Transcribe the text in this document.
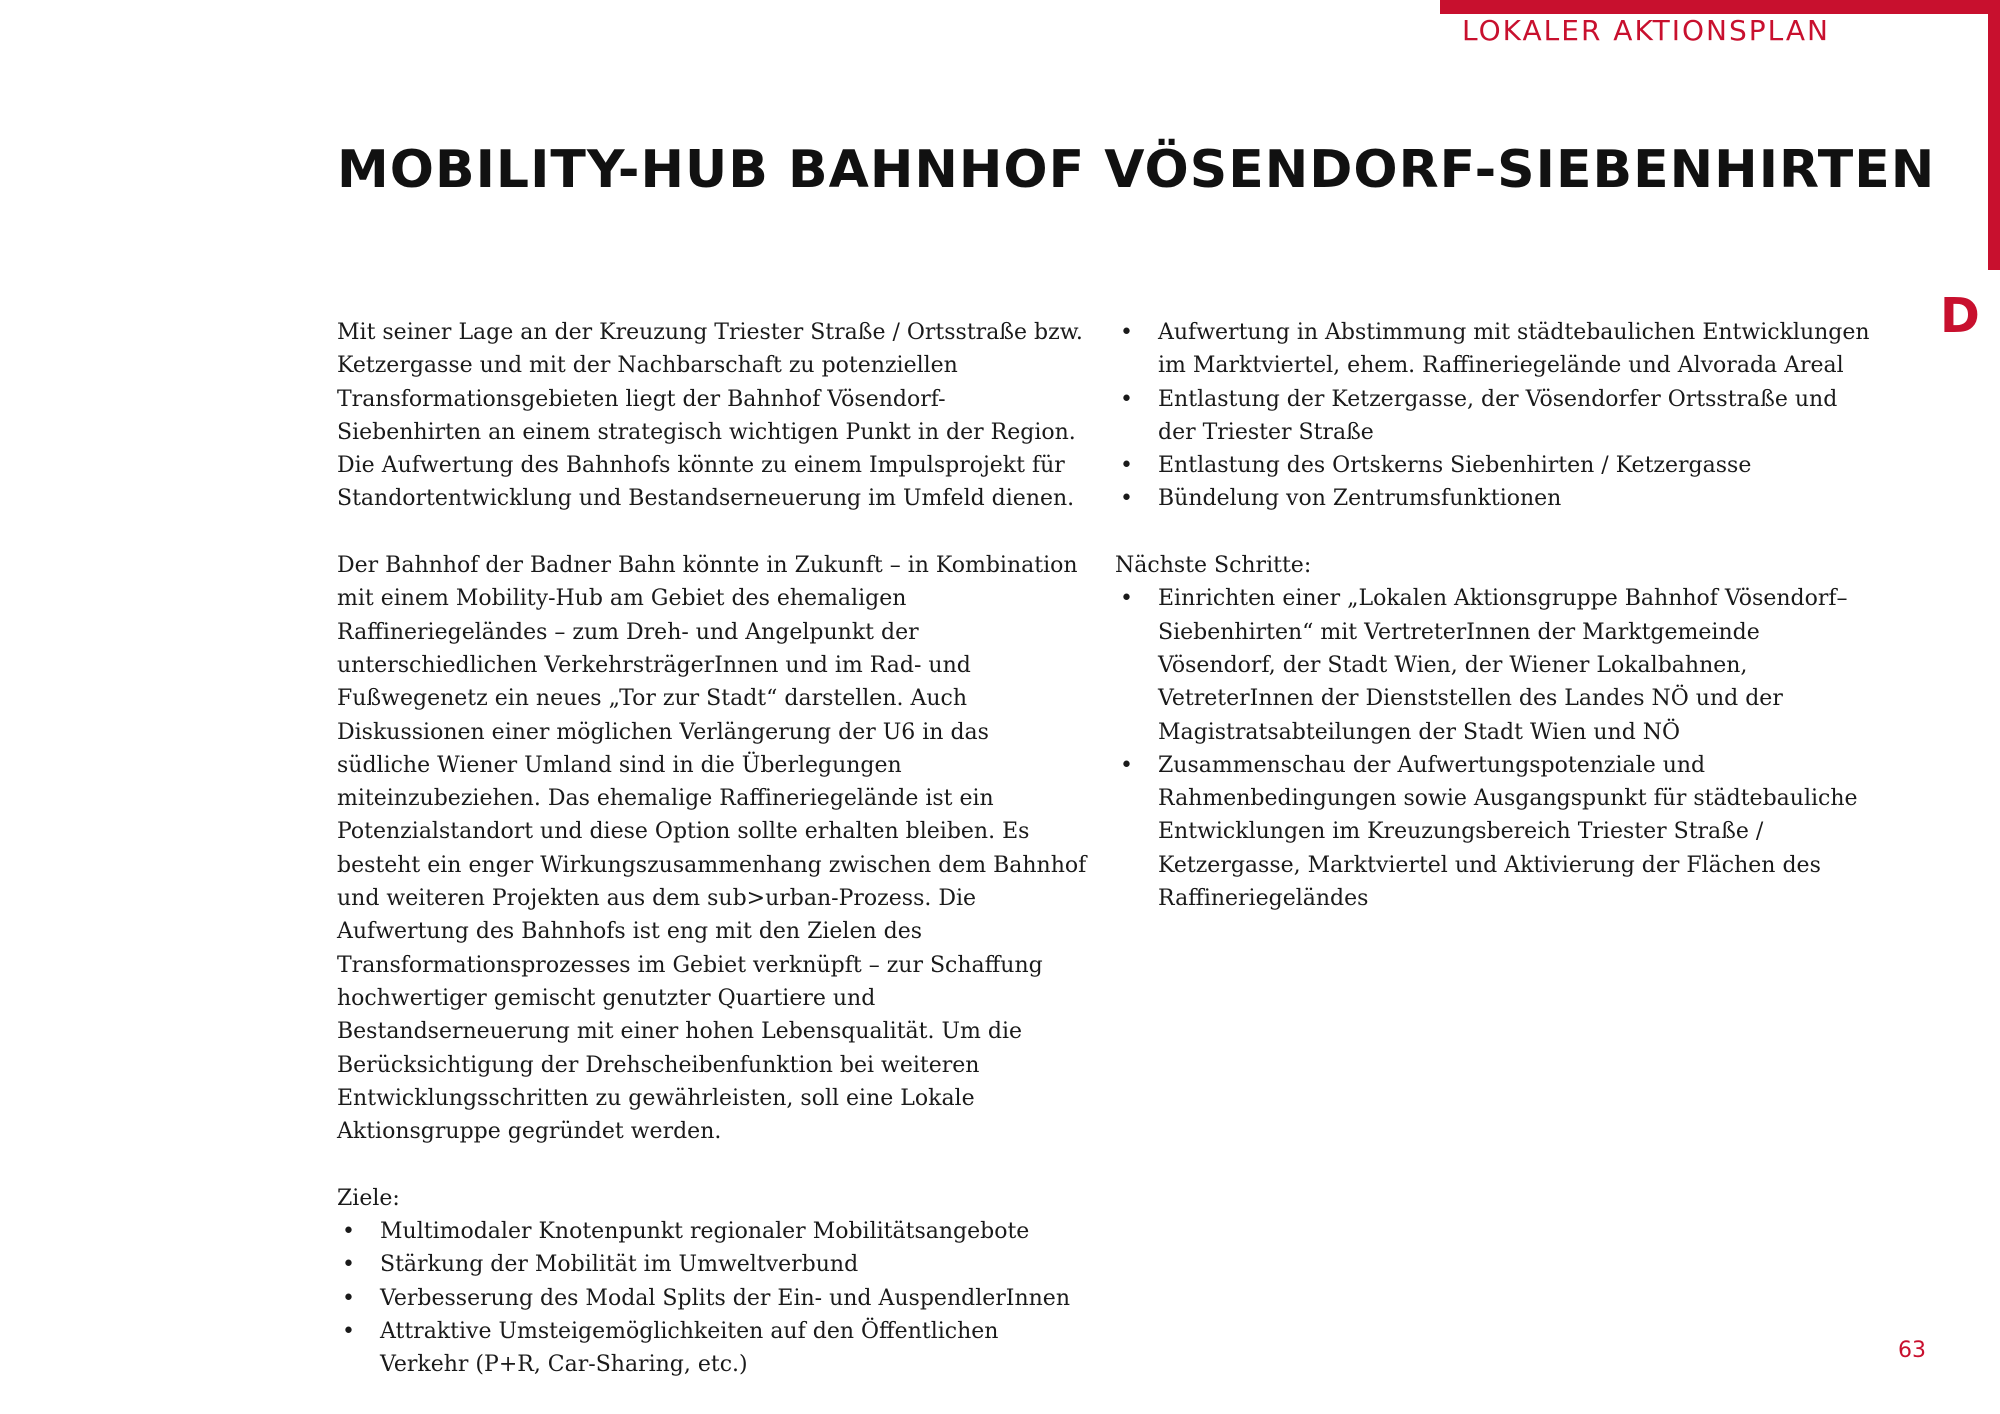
LOKALER AKTIONSPLAN
D
MOBILITY-HUB BAHNHOF VÖSENDORF-SIEBENHIRTEN

Mit seiner Lage an der Kreuzung Triester Straße / Ortsstraße bzw. Ketzergasse und mit der Nachbarschaft zu potenziellen Transformationsgebieten liegt der Bahnhof Vösendorf-Siebenhirten an einem strategisch wichtigen Punkt in der Region. Die Aufwertung des Bahnhofs könnte zu einem Impulsprojekt für Standortentwicklung und Bestandserneuerung im Umfeld dienen.

Der Bahnhof der Badner Bahn könnte in Zukunft – in Kombination mit einem Mobility-Hub am Gebiet des ehemaligen Raffineriegeländes – zum Dreh- und Angelpunkt der unterschiedlichen VerkehrsträgerInnen und im Rad- und Fußwegenetz ein neues „Tor zur Stadt“ darstellen. Auch Diskussionen einer möglichen Verlängerung der U6 in das südliche Wiener Umland sind in die Überlegungen miteinzubeziehen. Das ehemalige Raffineriegelände ist ein Potenzialstandort und diese Option sollte erhalten bleiben. Es besteht ein enger Wirkungszusammenhang zwischen dem Bahnhof und weiteren Projekten aus dem sub>urban-Prozess. Die Aufwertung des Bahnhofs ist eng mit den Zielen des Transformationsprozesses im Gebiet verknüpft – zur Schaffung hochwertiger gemischt genutzter Quartiere und Bestandserneuerung mit einer hohen Lebensqualität. Um die Berücksichtigung der Drehscheibenfunktion bei weiteren Entwicklungsschritten zu gewährleisten, soll eine Lokale Aktionsgruppe gegründet werden.

Ziele:

• Multimodaler Knotenpunkt regionaler Mobilitätsangebote
• Stärkung der Mobilität im Umweltverbund
• Verbesserung des Modal Splits der Ein- und AuspendlerInnen
• Attraktive Umsteigemöglichkeiten auf den Öffentlichen Verkehr (P+R, Car-Sharing, etc.)
• Aufwertung in Abstimmung mit städtebaulichen Entwicklungen im Marktviertel, ehem. Raffineriegelände und Alvorada Areal
• Entlastung der Ketzergasse, der Vösendorfer Ortsstraße und der Triester Straße
• Entlastung des Ortskerns Siebenhirten / Ketzergasse
• Bündelung von Zentrumsfunktionen

Nächste Schritte:

• Einrichten einer „Lokalen Aktionsgruppe Bahnhof Vösendorf–Siebenhirten“ mit VertreterInnen der Marktgemeinde Vösendorf, der Stadt Wien, der Wiener Lokalbahnen, VetreterInnen der Dienststellen des Landes NÖ und der Magistratsabteilungen der Stadt Wien und NÖ
• Zusammenschau der Aufwertungspotenziale und Rahmenbedingungen sowie Ausgangspunkt für städtebauliche Entwicklungen im Kreuzungsbereich Triester Straße / Ketzergasse, Marktviertel und Aktivierung der Flächen des Raffineriegeländes
63
